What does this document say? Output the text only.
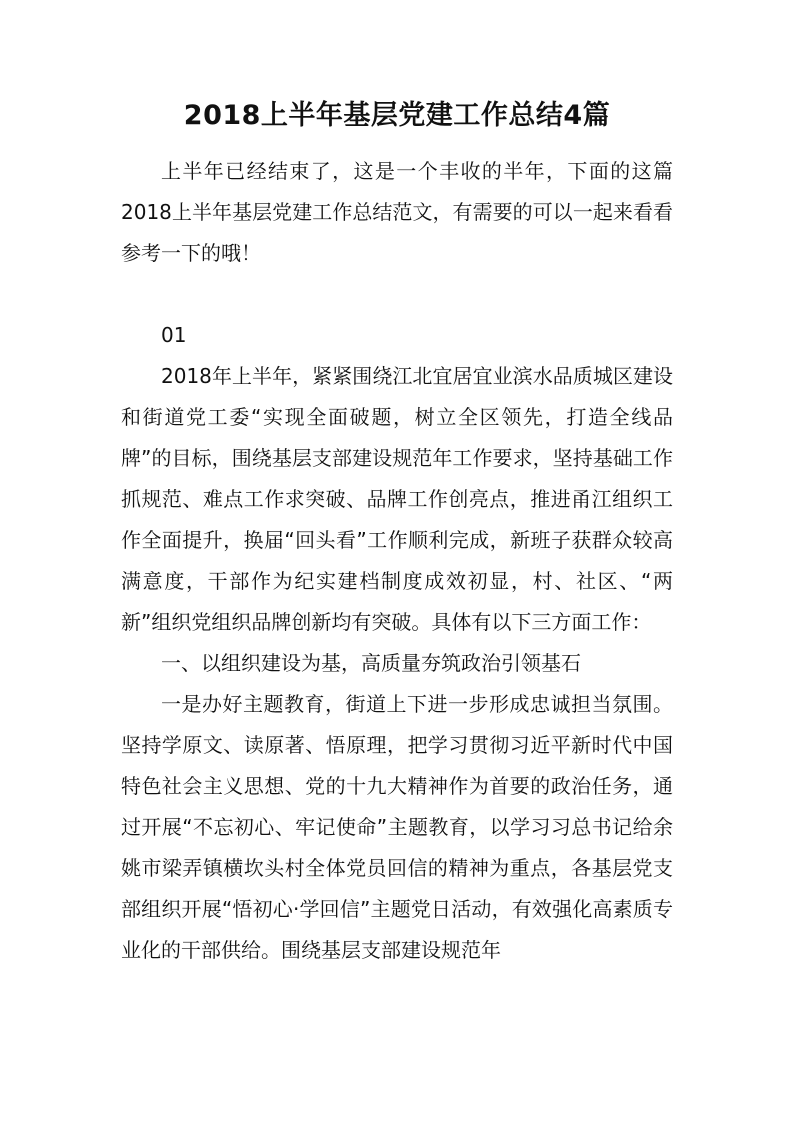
2018上半年基层党建工作总结4篇

上半年已经结束了，这是一个丰收的半年，下面的这篇2018上半年基层党建工作总结范文，有需要的可以一起来看看参考一下的哦！

01

2018年上半年，紧紧围绕江北宜居宜业滨水品质城区建设和街道党工委“实现全面破题，树立全区领先，打造全线品牌”的目标，围绕基层支部建设规范年工作要求，坚持基础工作抓规范、难点工作求突破、品牌工作创亮点，推进甬江组织工作全面提升，换届“回头看”工作顺利完成，新班子获群众较高满意度，干部作为纪实建档制度成效初显，村、社区、“两新”组织党组织品牌创新均有突破。具体有以下三方面工作：

一、以组织建设为基，高质量夯筑政治引领基石

一是办好主题教育，街道上下进一步形成忠诚担当氛围。坚持学原文、读原著、悟原理，把学习贯彻习近平新时代中国特色社会主义思想、党的十九大精神作为首要的政治任务，通过开展“不忘初心、牢记使命”主题教育，以学习习总书记给余姚市梁弄镇横坎头村全体党员回信的精神为重点，各基层党支部组织开展“悟初心·学回信”主题党日活动，有效强化高素质专业化的干部供给。围绕基层支部建设规范年
